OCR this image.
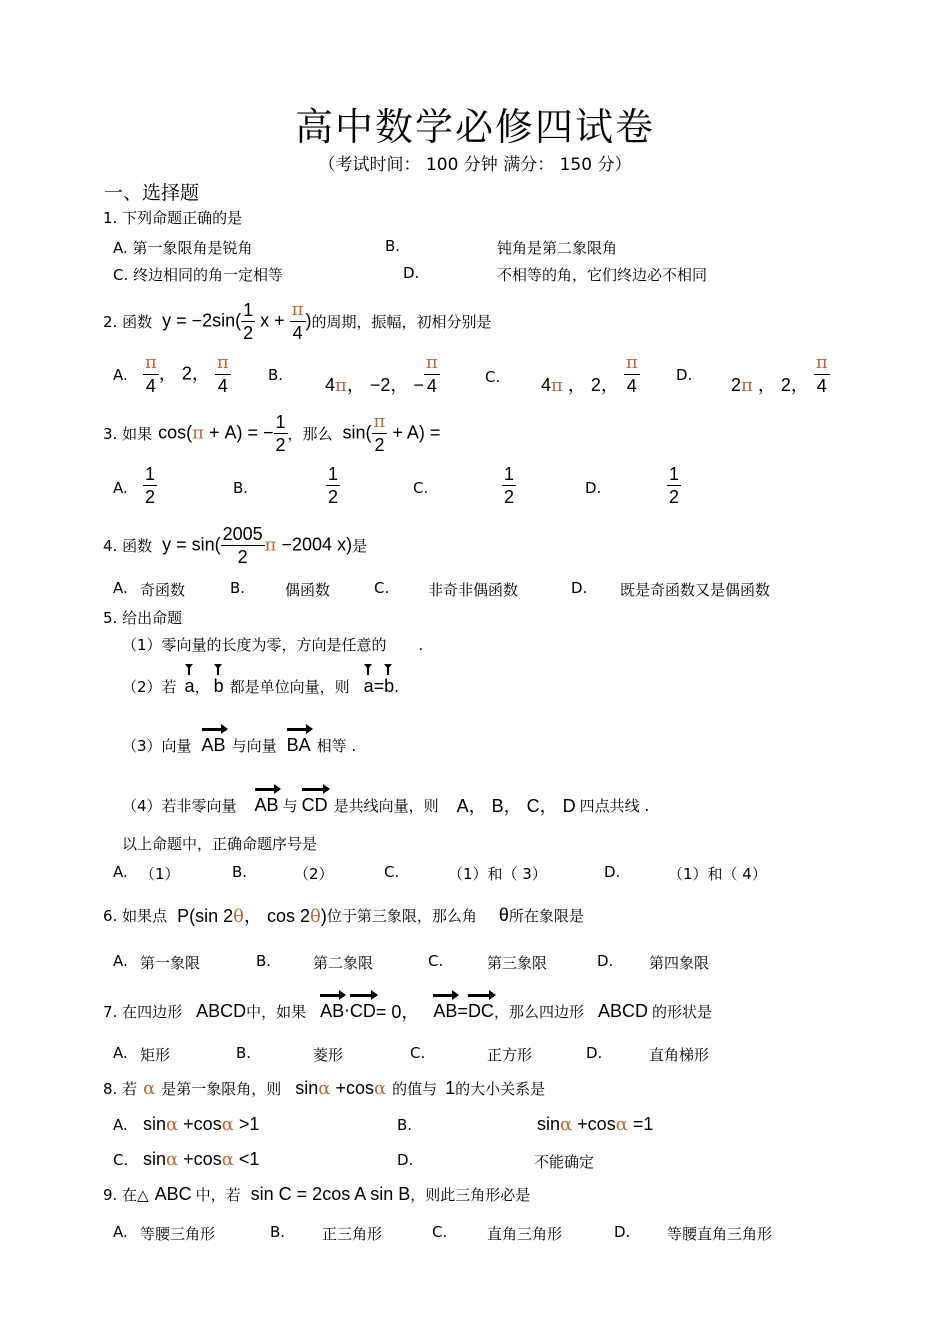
高中数学必修四试卷
（考试时间： 100 分钟 满分： 150 分）
一、选择题
1. 下列命题正确的是
A. 第一象限角是锐角	B.	钝角是第二象限角
C. 终边相同的角一定相等	D.	不相等的角，它们终边必不相同
2. 函数 $y = -2\sin( \frac{1}{2}$ $x + \frac{\pi}{4}$ ) 的周期，振幅，初相分别是
A. $\frac{\pi}{4}$ ， 2， $\frac{\pi}{4} B$.
4π， −2， − $\frac{\pi}{4}$	C. 4π ， 2， $\frac{\pi}{4} D$.
2π ， 2， $\frac{\pi}{4}$
3. 如果 cos(π + A) = − $\frac{1}{2}$ ，那么 $\sin( \frac{\pi}{2} + A)$ =
A. $\frac{1}{2}$	B.	$\frac{1}{2}$	C.	$\frac{1}{2}$	D.	$\frac{1}{2}$
4. 函数 $y = \sin( \frac{2005}{2}$ π −2004 x) 是
A. 奇函数	B.	偶函数	C.	非奇非偶函数	D. 既是奇函数又是偶函数
5. 给出命题
（1）零向量的长度为零，方向是任意的 .
（2）若 a ， b 都是单位向量，则 a = b .
（3）向量 AB 与向量 BA 相等 .
（4）若非零向量 AB 与 CD 是共线向量，则 A， B， C， D 四点共线 .
以上命题中，正确命题序号是
A. （1）	B.	（2）	C.	（1）和（ 3）	D.	（1）和（ 4）
6. 如果点 P(sin 2θ， cos 2θ) 位于第三象限，那么角 θ 所在象限是
A. 第一象限	B.	第二象限	C.	第三象限	D. 第四象限
7. 在四边形 ABCD 中，如果 AB ⋅ CD = 0， AB = DC ，那么四边形 ABCD 的形状是
A. 矩形	B.	菱形	C.	正方形	D.	直角梯形
8. 若 α 是第一象限角，则 sinα +cosα 的值与 1 的大小关系是
A. sinα +cosα >1	B.	sinα +cosα =1
C. sinα +cosα <1	D.	不能确定
9. 在△ ABC 中，若 sin C = 2cos A sin B ，则此三角形必是
A. 等腰三角形	B. 正三角形	C.	直角三角形	D. 等腰直角三角形
